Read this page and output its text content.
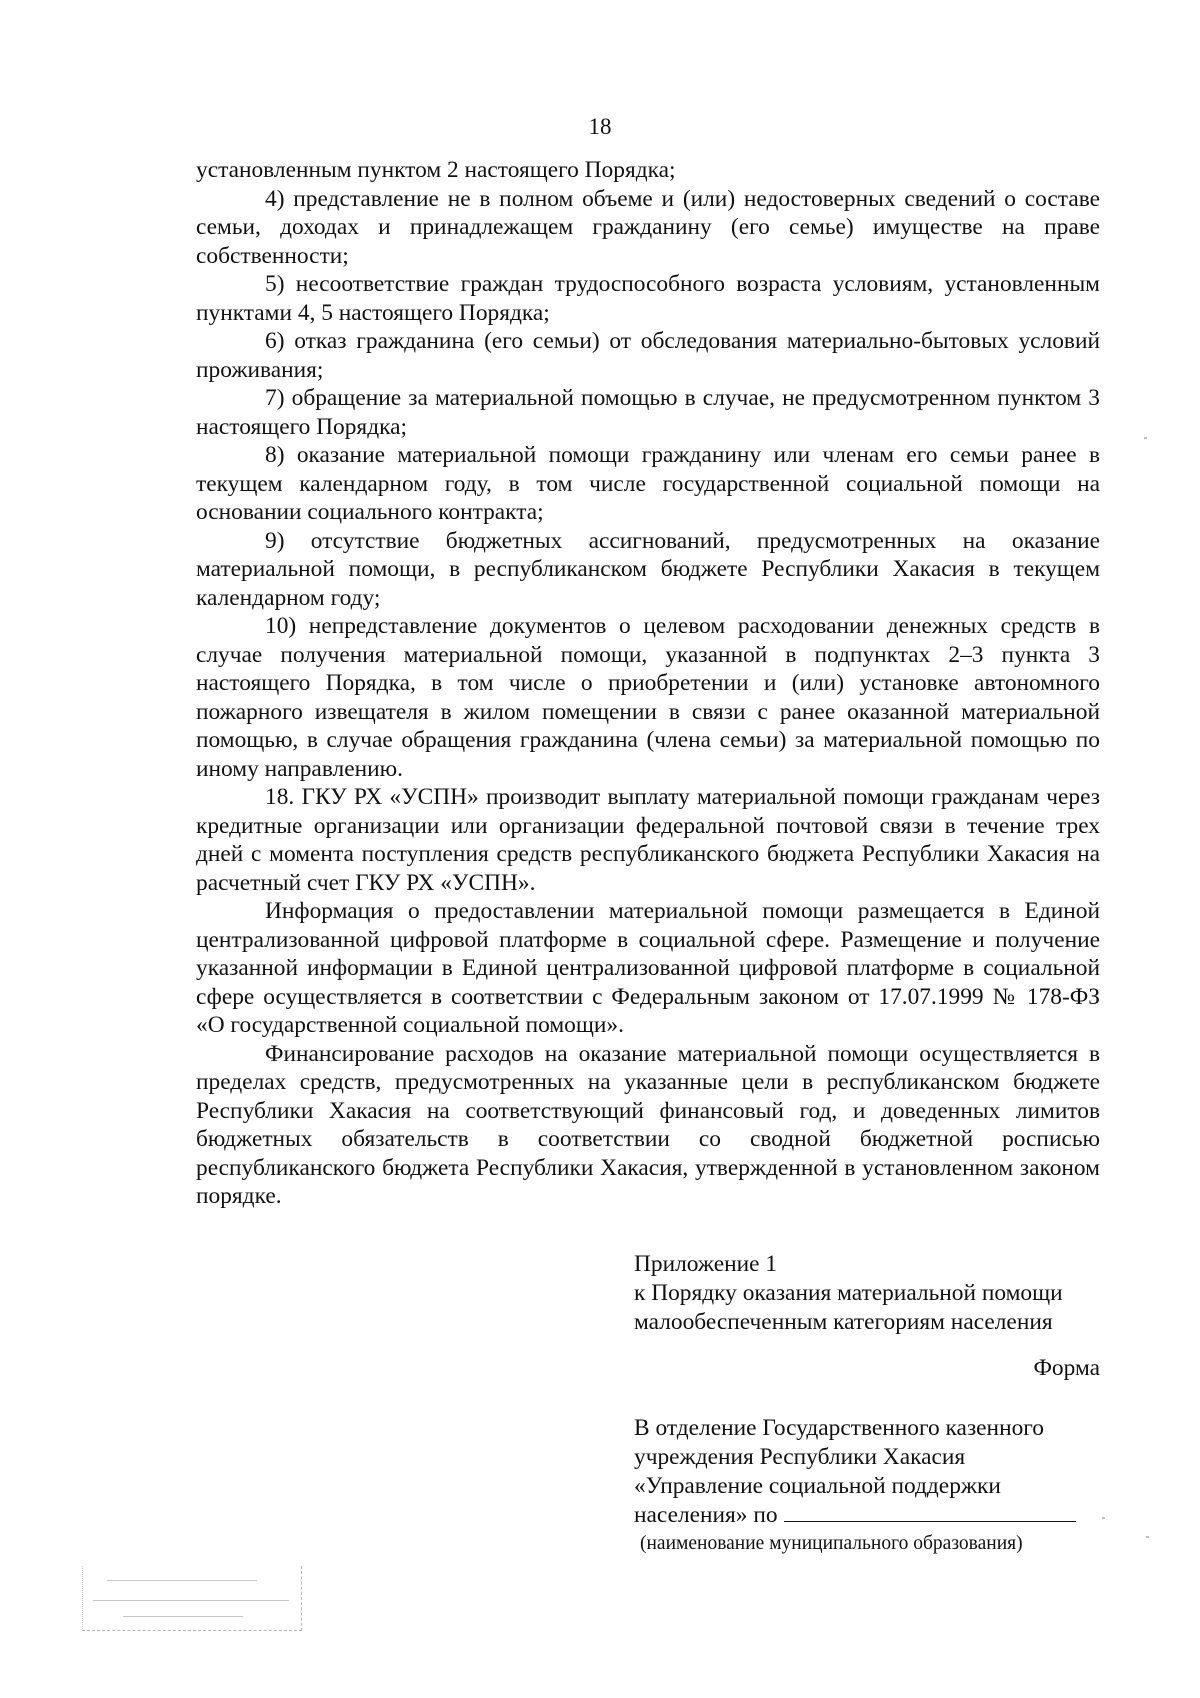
18

установленным пунктом 2 настоящего Порядка;

4) представление не в полном объеме и (или) недостоверных сведений о составе семьи, доходах и принадлежащем гражданину (его семье) имуществе на праве собственности;

5) несоответствие граждан трудоспособного возраста условиям, установленным пунктами 4, 5 настоящего Порядка;

6) отказ гражданина (его семьи) от обследования материально-бытовых условий проживания;

7) обращение за материальной помощью в случае, не предусмотренном пунктом 3 настоящего Порядка;

8) оказание материальной помощи гражданину или членам его семьи ранее в текущем календарном году, в том числе государственной социальной помощи на основании социального контракта;

9) отсутствие бюджетных ассигнований, предусмотренных на оказание материальной помощи, в республиканском бюджете Республики Хакасия в текущем календарном году;

10) непредставление документов о целевом расходовании денежных средств в случае получения материальной помощи, указанной в подпунктах 2–3 пункта 3 настоящего Порядка, в том числе о приобретении и (или) установке автономного пожарного извещателя в жилом помещении в связи с ранее оказанной материальной помощью, в случае обращения гражданина (члена семьи) за материальной помощью по иному направлению.

18. ГКУ РХ «УСПН» производит выплату материальной помощи гражданам через кредитные организации или организации федеральной почтовой связи в течение трех дней с момента поступления средств республиканского бюджета Республики Хакасия на расчетный счет ГКУ РХ «УСПН».

Информация о предоставлении материальной помощи размещается в Единой централизованной цифровой платформе в социальной сфере. Размещение и получение указанной информации в Единой централизованной цифровой платформе в социальной сфере осуществляется в соответствии с Федеральным законом от 17.07.1999 № 178-ФЗ «О государственной социальной помощи».

Финансирование расходов на оказание материальной помощи осуществляется в пределах средств, предусмотренных на указанные цели в республиканском бюджете Республики Хакасия на соответствующий финансовый год, и доведенных лимитов бюджетных обязательств в соответствии со сводной бюджетной росписью республиканского бюджета Республики Хакасия, утвержденной в установленном законом порядке.

Приложение 1
к Порядку оказания материальной помощи
малообеспеченным категориям населения
Форма
В отделение Государственного казенного
учреждения Республики Хакасия
«Управление социальной поддержки
населения» по
(наименование муниципального образования)
